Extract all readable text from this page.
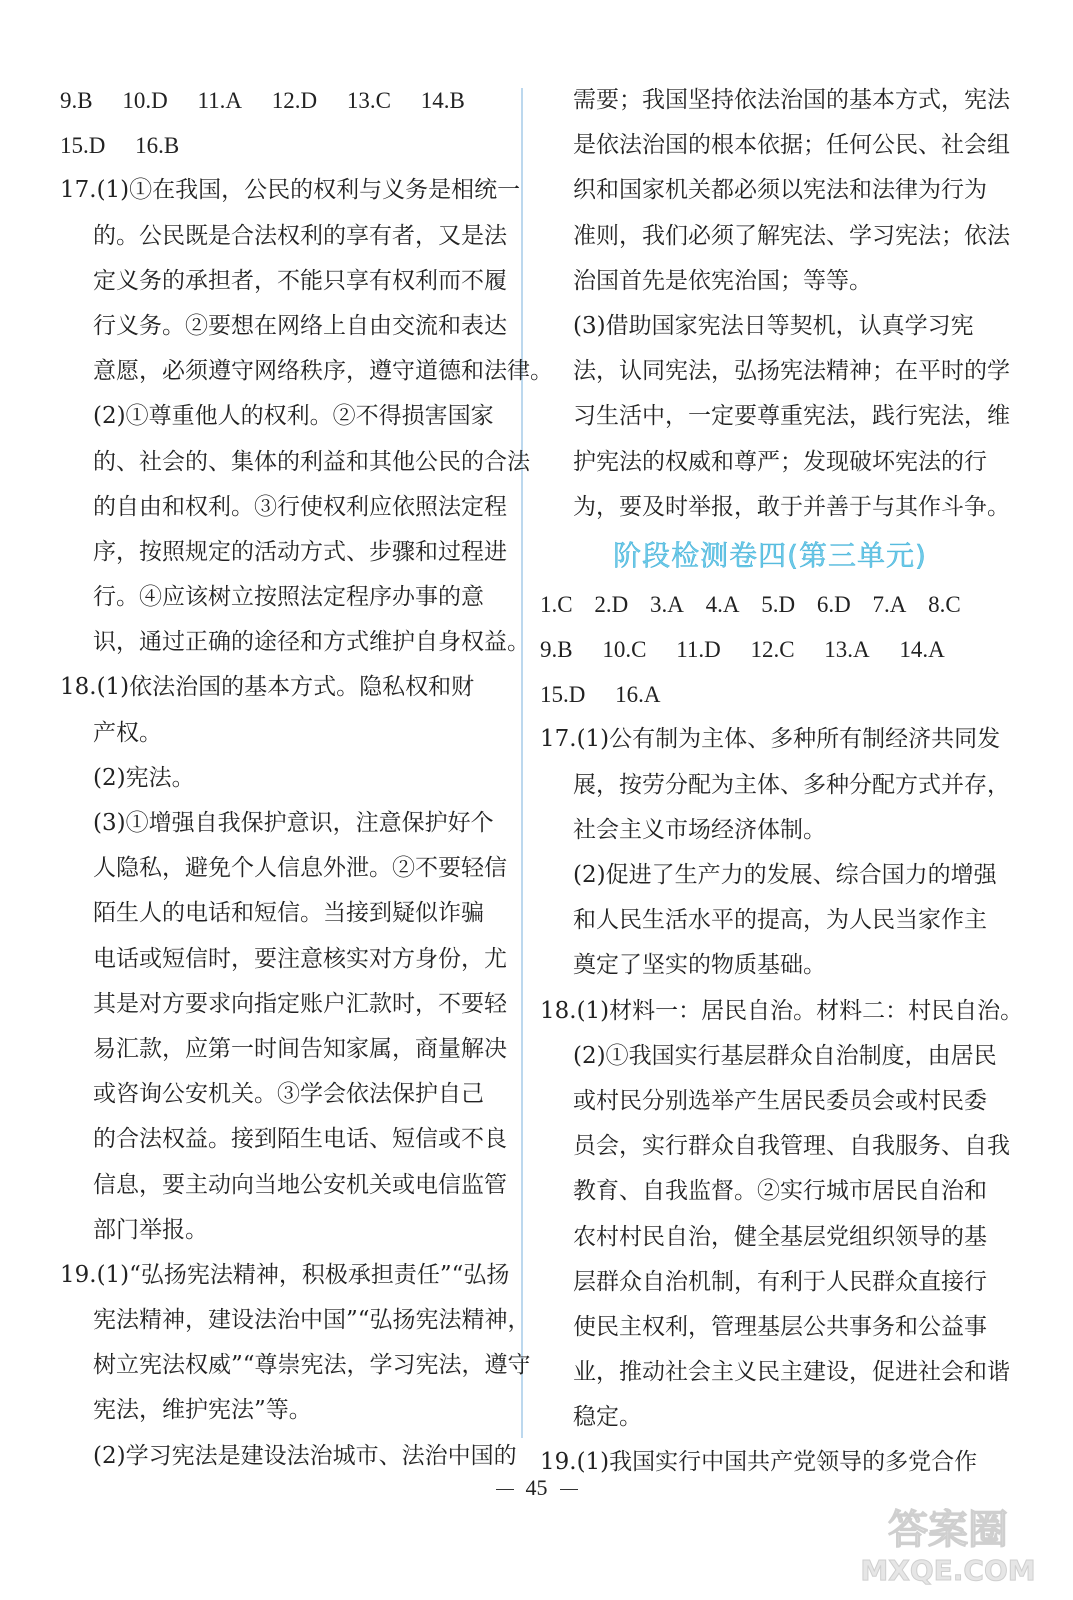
9.B 10.D 11.A 12.D 13.C 14.B
15.D 16.B
17.(1)①在我国，公民的权利与义务是相统一
的。公民既是合法权利的享有者，又是法
定义务的承担者，不能只享有权利而不履
行义务。②要想在网络上自由交流和表达
意愿，必须遵守网络秩序，遵守道德和法律。
(2)①尊重他人的权利。②不得损害国家
的、社会的、集体的利益和其他公民的合法
的自由和权利。③行使权利应依照法定程
序，按照规定的活动方式、步骤和过程进
行。④应该树立按照法定程序办事的意
识，通过正确的途径和方式维护自身权益。
18.(1)依法治国的基本方式。隐私权和财
产权。
(2)宪法。
(3)①增强自我保护意识，注意保护好个
人隐私，避免个人信息外泄。②不要轻信
陌生人的电话和短信。当接到疑似诈骗
电话或短信时，要注意核实对方身份，尤
其是对方要求向指定账户汇款时，不要轻
易汇款，应第一时间告知家属，商量解决
或咨询公安机关。③学会依法保护自己
的合法权益。接到陌生电话、短信或不良
信息，要主动向当地公安机关或电信监管
部门举报。
19.(1)“弘扬宪法精神，积极承担责任”“弘扬
宪法精神，建设法治中国”“弘扬宪法精神，
树立宪法权威”“尊崇宪法，学习宪法，遵守
宪法，维护宪法”等。
(2)学习宪法是建设法治城市、法治中国的
需要；我国坚持依法治国的基本方式，宪法
是依法治国的根本依据；任何公民、社会组
织和国家机关都必须以宪法和法律为行为
准则，我们必须了解宪法、学习宪法；依法
治国首先是依宪治国；等等。
(3)借助国家宪法日等契机，认真学习宪
法，认同宪法，弘扬宪法精神；在平时的学
习生活中，一定要尊重宪法，践行宪法，维
护宪法的权威和尊严；发现破坏宪法的行
为，要及时举报，敢于并善于与其作斗争。
阶段检测卷四(第三单元)
1.C 2.D 3.A 4.A 5.D 6.D 7.A 8.C
9.B 10.C 11.D 12.C 13.A 14.A
15.D 16.A
17.(1)公有制为主体、多种所有制经济共同发
展，按劳分配为主体、多种分配方式并存，
社会主义市场经济体制。
(2)促进了生产力的发展、综合国力的增强
和人民生活水平的提高，为人民当家作主
奠定了坚实的物质基础。
18.(1)材料一：居民自治。材料二：村民自治。
(2)①我国实行基层群众自治制度，由居民
或村民分别选举产生居民委员会或村民委
员会，实行群众自我管理、自我服务、自我
教育、自我监督。②实行城市居民自治和
农村村民自治，健全基层党组织领导的基
层群众自治机制，有利于人民群众直接行
使民主权利，管理基层公共事务和公益事
业，推动社会主义民主建设，促进社会和谐
稳定。
19.(1)我国实行中国共产党领导的多党合作
45
答案圈
MXQE.COM
